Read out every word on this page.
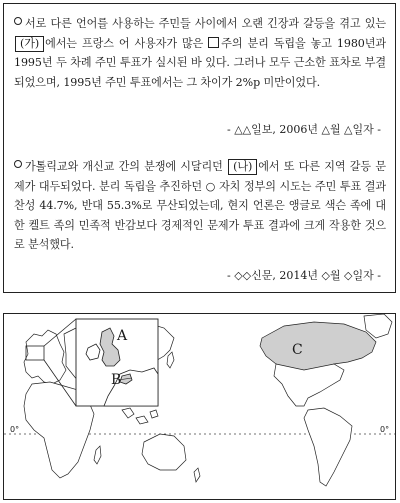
서로 다른 언어를 사용하는 주민들 사이에서 오랜 긴장과 갈등을 겪고 있는 (가) 에서는 프랑스 어 사용자가 많은 주의 분리 독립을 놓고 1980년과 1995년 두 차례 주민 투표가 실시된 바 있다. 그러나 모두 근소한 표차로 부결되었으며, 1995년 주민 투표에서는 그 차이가 2%p 미만이었다.
- △△일보, 2006년 △월 △일자 -
가톨릭교와 개신교 간의 분쟁에 시달리던 (나) 에서 또 다른 지역 갈등 문제가 대두되었다. 분리 독립을 추진하던 ○ 자치 정부의 시도는 주민 투표 결과 찬성 44.7%, 반대 55.3%로 무산되었는데, 현지 언론은 앵글로 색슨 족에 대한 켈트 족의 민족적 반감보다 경제적인 문제가 투표 결과에 크게 작용한 것으로 분석했다.
- ◇◇신문, 2014년 ◇월 ◇일자 -
A
B
C
0°	0°
